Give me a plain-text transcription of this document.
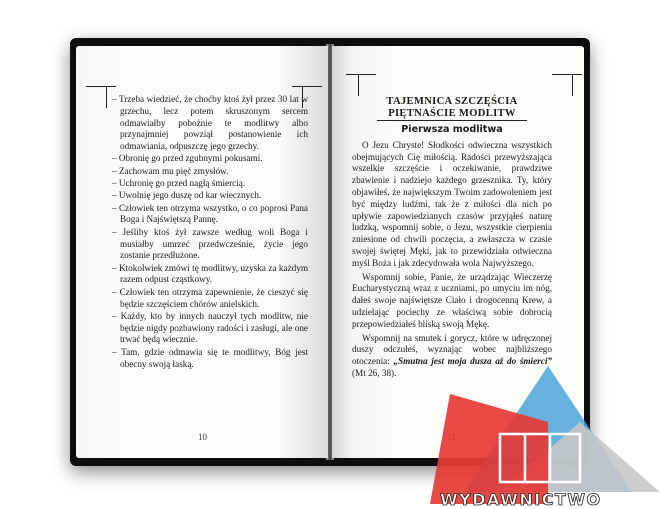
– Trzeba wiedzieć, że choćby ktoś żył przez 30 lat w grzechu, lecz potem skruszonym sercem odmawiałby pobożnie te modlitwy albo przynajmniej powziął postanowienie ich odmawiania, odpuszczę jego grzechy.

– Obronię go przed zgubnymi pokusami.

– Zachowam mu pięć zmysłów.

– Uchronię go przed nagłą śmiercią.

– Uwolnię jego duszę od kar wiecznych.

– Człowiek ten otrzyma wszystko, o co poprosi Pana Boga i Najświętszą Pannę.

– Jeśliby ktoś żył zawsze według woli Boga i musiałby umrzeć przedwcześnie, życie jego zostanie przedłużone.

– Ktokolwiek zmówi tę modlitwy, uzyska za każdym razem odpust cząstkowy.

– Człowiek ten otrzyma zapewnienie, że cieszyć się będzie szczęściem chórów anielskich.

– Każdy, kto by innych nauczył tych modlitw, nie będzie nigdy pozbawiony radości i zasługi, ale one trwać będą wiecznie.

– Tam, gdzie odmawia się te modlitwy, Bóg jest obecny swoją łaską.

10
TAJEMNICA SZCZĘŚCIA
PIĘTNAŚCIE MODLITW
Pierwsza modlitwa

O Jezu Chryste! Słodkości odwieczna wszystkich obejmujących Cię miłością. Radości przewyższająca wszelkie szczęście i oczekiwanie, prawdziwe zbawienie i nadziejo każdego grzesznika. Ty, który objawiłeś, że największym Twoim zadowoleniem jest być między ludźmi, tak że z miłości dla nich po upływie zapowiedzianych czasów przyjąłeś naturę ludzką, wspomnij sobie, o Jezu, wszystkie cierpienia zniesione od chwili poczęcia, a zwłaszcza w czasie swojej świętej Męki, jak to przewidziała odwieczna myśl Boża i jak zdecydowała wola Najwyższego.

Wspomnij sobie, Panie, że urządzając Wieczerzę Eucharystyczną wraz z uczniami, po umyciu im nóg, dałeś swoje najświętsze Ciało i drogocenną Krew, a udzielając pociechy ze właściwą sobie dobrocią przepowiedziałeś bliską swoją Mękę.

Wspomnij na smutek i gorycz, które w udręczonej duszy odczułeś, wyznając wobec najbliższego otoczenia: „Smutna jest moja dusza aż do śmierci” (Mt 26, 38).

WYDAWNICTWO
